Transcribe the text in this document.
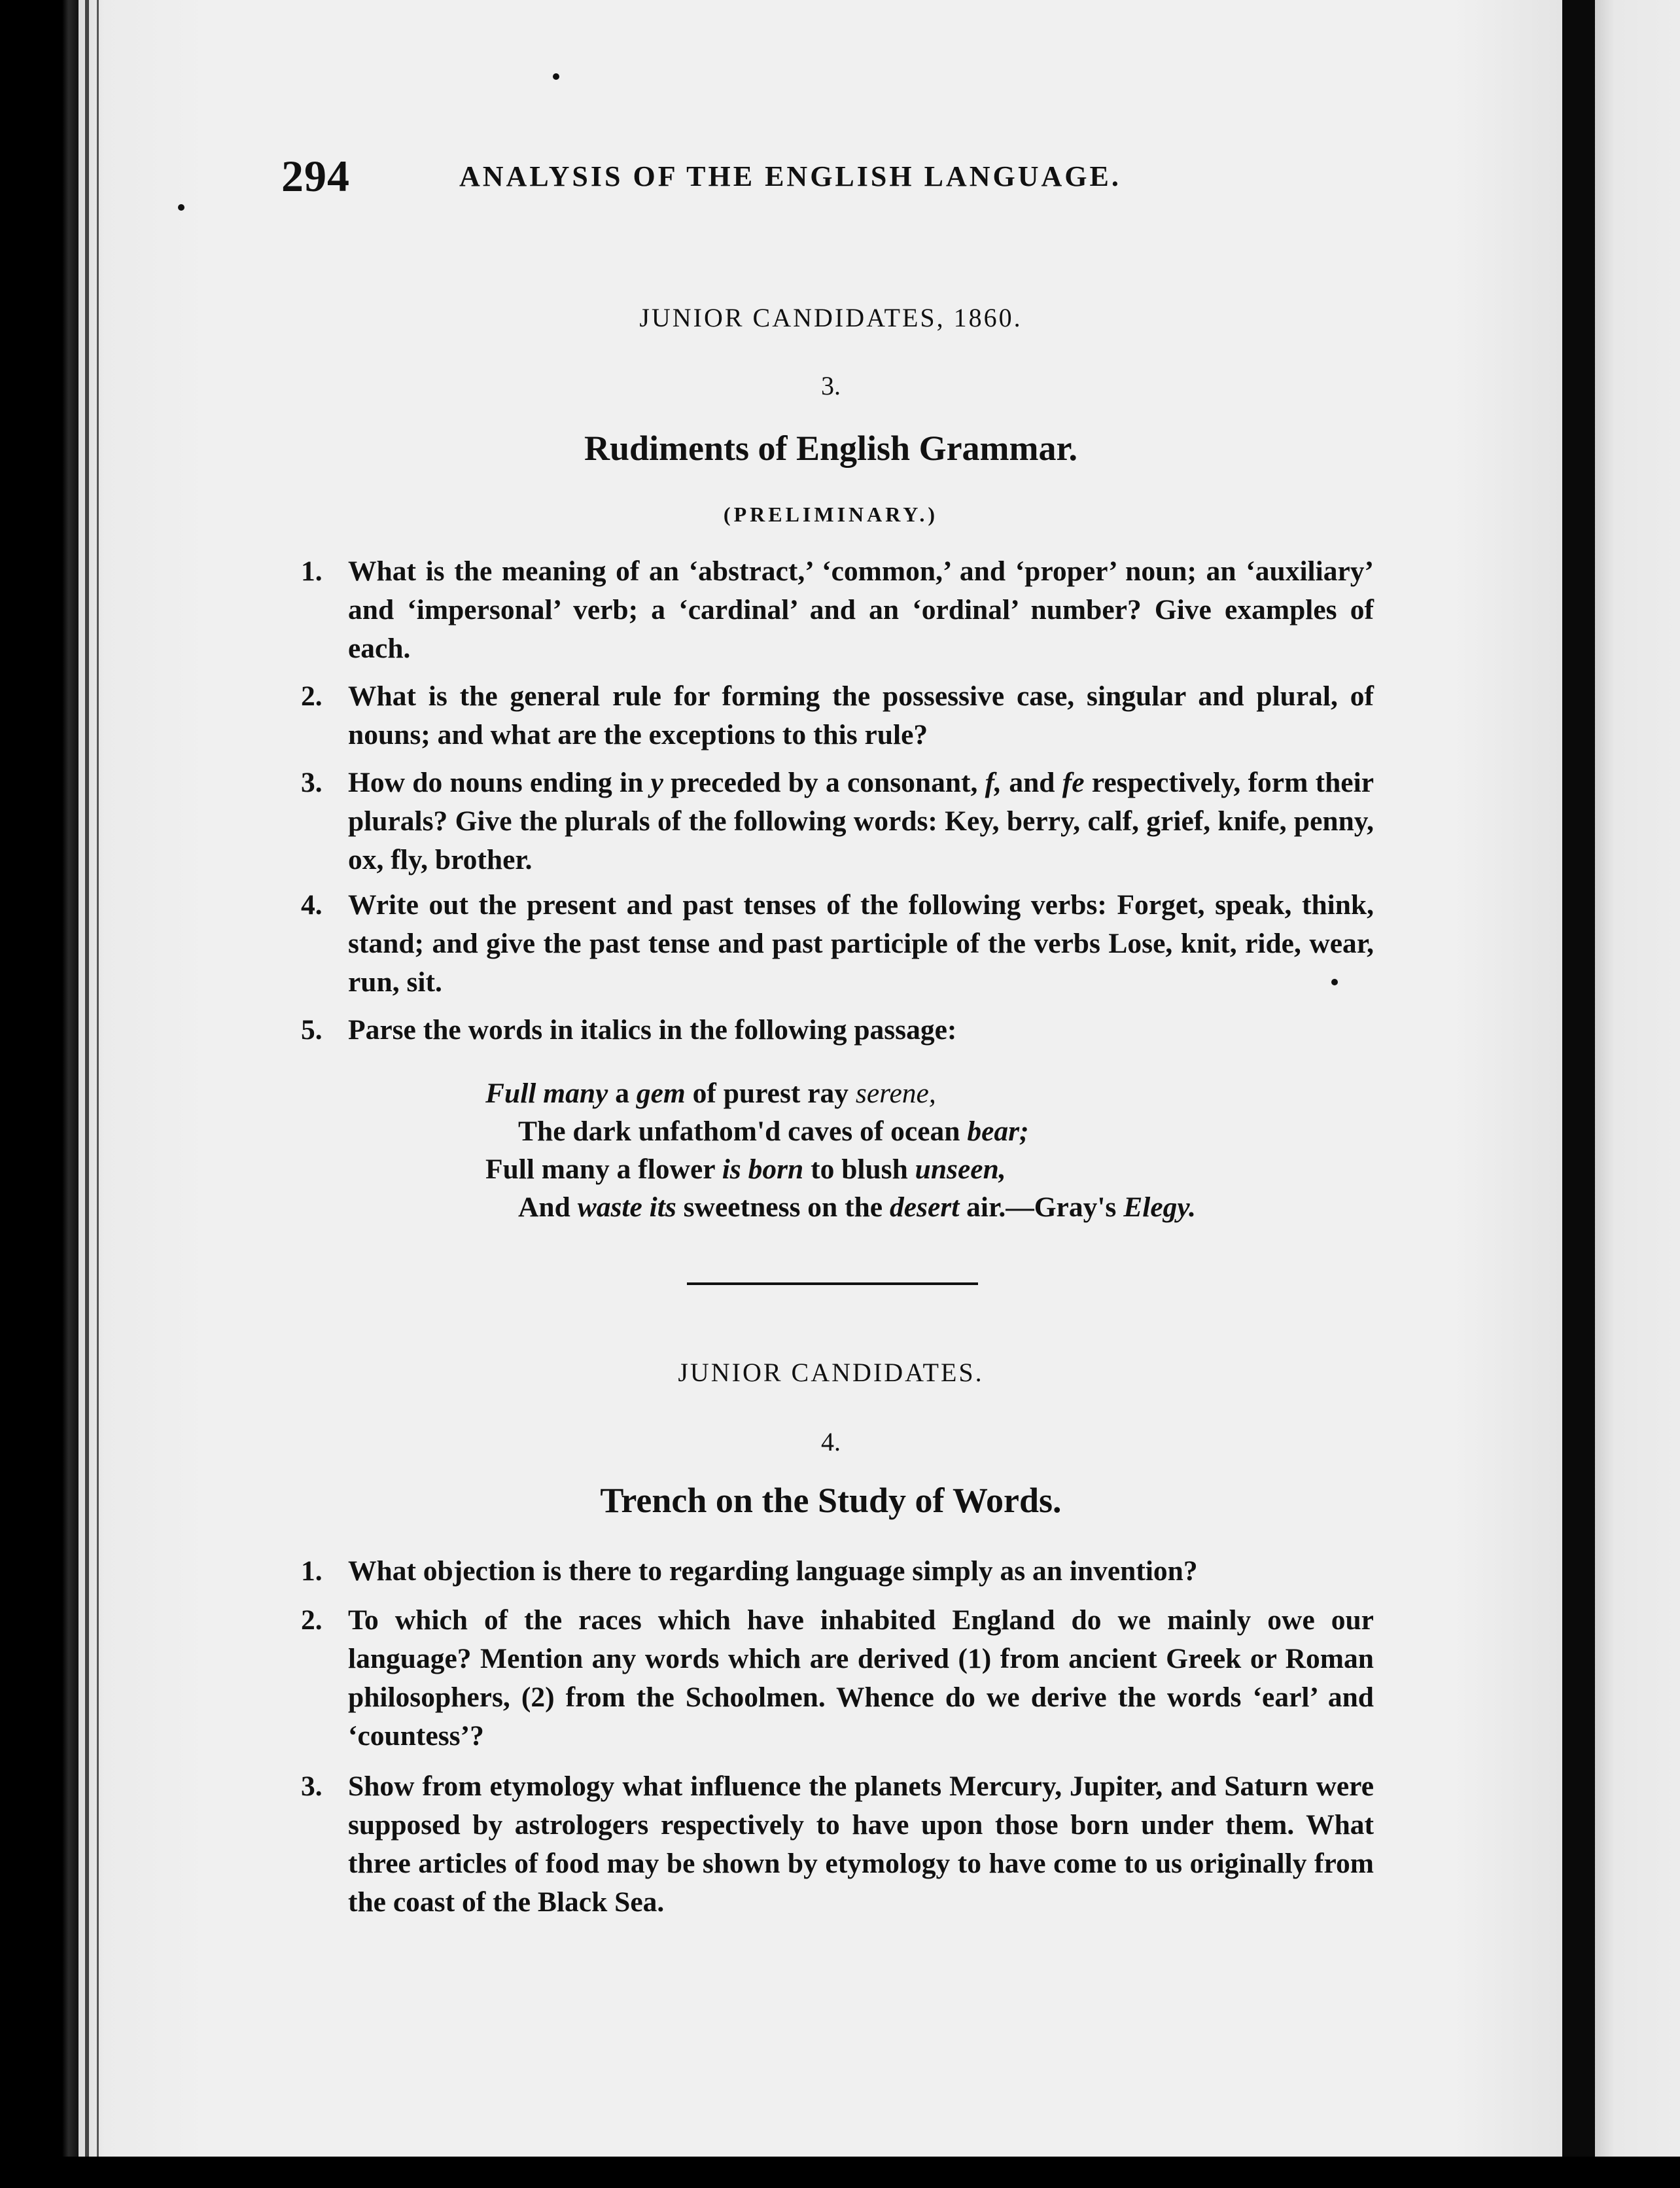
294	ANALYSIS OF THE ENGLISH LANGUAGE.
JUNIOR CANDIDATES, 1860.
3.
Rudiments of English Grammar.
(PRELIMINARY.)
1. What is the meaning of an ‘abstract,’ ‘common,’ and ‘proper’ noun; an ‘auxiliary’ and ‘impersonal’ verb; a ‘cardinal’ and an ‘ordinal’ number? Give examples of each.
2. What is the general rule for forming the possessive case, singular and plural, of nouns; and what are the exceptions to this rule?
3. How do nouns ending in y preceded by a consonant, f, and fe respectively, form their plurals? Give the plurals of the following words: Key, berry, calf, grief, knife, penny, ox, fly, brother.
4. Write out the present and past tenses of the following verbs: Forget, speak, think, stand; and give the past tense and past participle of the verbs Lose, knit, ride, wear, run, sit.
5. Parse the words in italics in the following passage:
Full many a gem of purest ray serene,
The dark unfathom'd caves of ocean bear;
Full many a flower is born to blush unseen,
And waste its sweetness on the desert air.—Gray's Elegy.
JUNIOR CANDIDATES.
4.
Trench on the Study of Words.
1. What objection is there to regarding language simply as an invention?
2. To which of the races which have inhabited England do we mainly owe our language? Mention any words which are derived (1) from ancient Greek or Roman philosophers, (2) from the Schoolmen. Whence do we derive the words ‘earl’ and ‘countess’?
3. Show from etymology what influence the planets Mercury, Jupiter, and Saturn were supposed by astrologers respectively to have upon those born under them. What three articles of food may be shown by etymology to have come to us originally from the coast of the Black Sea.
